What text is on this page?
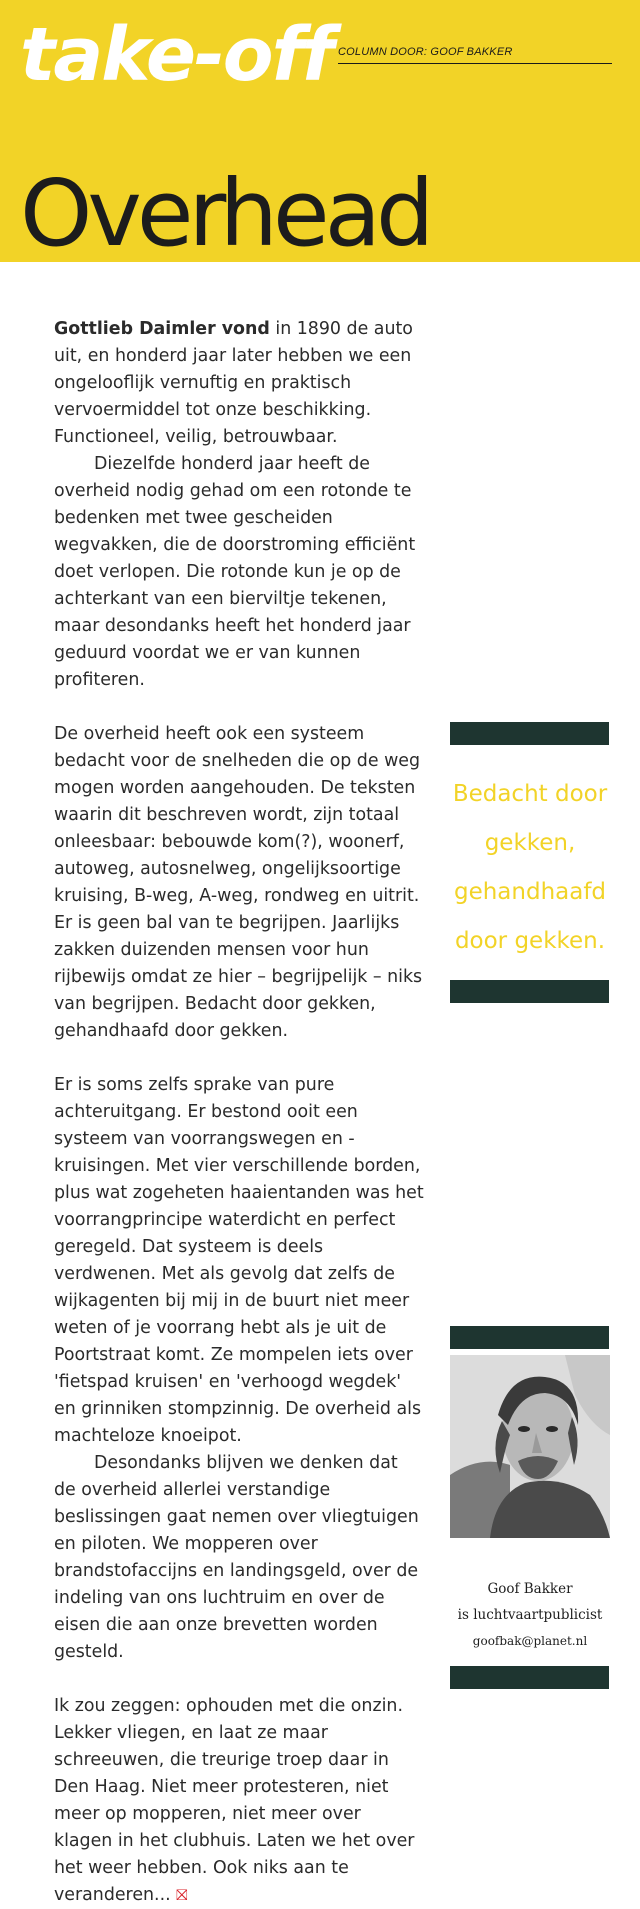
take-off COLUMN DOOR: GOOF BAKKER
Overhead

Gottlieb Daimler vond in 1890 de auto uit, en honderd jaar later hebben we een ongelooflijk vernuftig en praktisch vervoermiddel tot onze beschikking. Functioneel, veilig, betrouwbaar.

Diezelfde honderd jaar heeft de overheid nodig gehad om een rotonde te bedenken met twee gescheiden wegvakken, die de doorstroming efficiënt doet verlopen. Die rotonde kun je op de achterkant van een bierviltje tekenen, maar desondanks heeft het honderd jaar geduurd voordat we er van kunnen profiteren.

De overheid heeft ook een systeem bedacht voor de snelheden die op de weg mogen worden aangehouden. De teksten waarin dit beschreven wordt, zijn totaal onleesbaar: bebouwde kom(?), woonerf, autoweg, autosnelweg, ongelijksoortige kruising, B-weg, A-weg, rondweg en uitrit. Er is geen bal van te begrijpen. Jaarlijks zakken duizenden mensen voor hun rijbewijs omdat ze hier – begrijpelijk – niks van begrijpen. Bedacht door gekken, gehandhaafd door gekken.

Er is soms zelfs sprake van pure achteruitgang. Er bestond ooit een systeem van voorrangswegen en -kruisingen. Met vier verschillende borden, plus wat zogeheten haaientanden was het voorrangprincipe waterdicht en perfect geregeld. Dat systeem is deels verdwenen. Met als gevolg dat zelfs de wijkagenten bij mij in de buurt niet meer weten of je voorrang hebt als je uit de Poortstraat komt. Ze mompelen iets over 'fietspad kruisen' en 'verhoogd wegdek' en grinniken stompzinnig. De overheid als machteloze knoeipot.

Desondanks blijven we denken dat de overheid allerlei verstandige beslissingen gaat nemen over vliegtuigen en piloten. We mopperen over brandstofaccijns en landingsgeld, over de indeling van ons luchtruim en over de eisen die aan onze brevetten worden gesteld.

Ik zou zeggen: ophouden met die onzin. Lekker vliegen, en laat ze maar schreeuwen, die treurige troep daar in Den Haag. Niet meer protesteren, niet meer op mopperen, niet meer over klagen in het clubhuis. Laten we het over het weer hebben. Ook niks aan te veranderen... ⛝

Bedacht door gekken, gehandhaafd door gekken.
Goof Bakker
is luchtvaartpublicist
goofbak@planet.nl
